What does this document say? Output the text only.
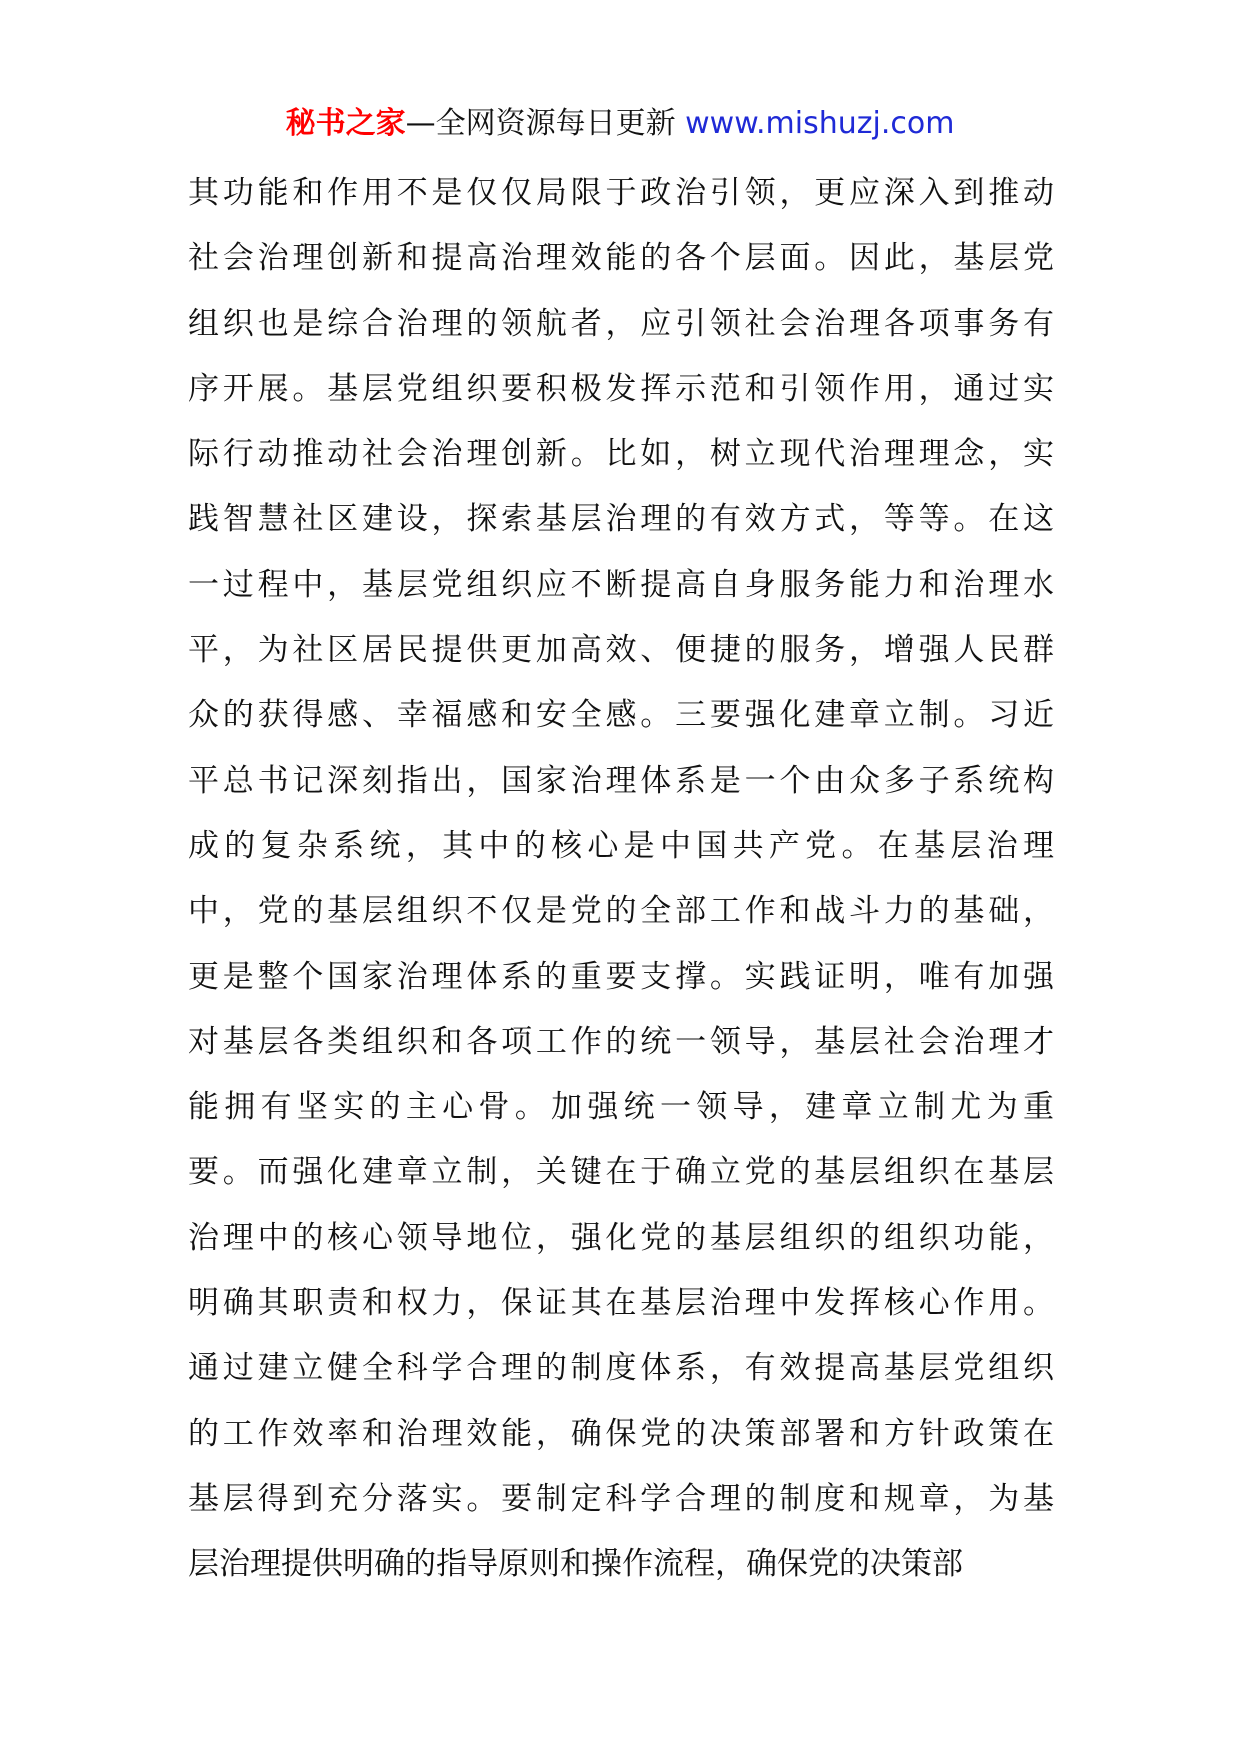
秘书之家—全网资源每日更新 www.mishuzj.com
其功能和作用不是仅仅局限于政治引领，更应深入到推动
社会治理创新和提高治理效能的各个层面。因此，基层党
组织也是综合治理的领航者，应引领社会治理各项事务有
序开展。基层党组织要积极发挥示范和引领作用，通过实
际行动推动社会治理创新。比如，树立现代治理理念，实
践智慧社区建设，探索基层治理的有效方式，等等。在这
一过程中，基层党组织应不断提高自身服务能力和治理水
平，为社区居民提供更加高效、便捷的服务，增强人民群
众的获得感、幸福感和安全感。三要强化建章立制。习近
平总书记深刻指出，国家治理体系是一个由众多子系统构
成的复杂系统，其中的核心是中国共产党。在基层治理
中，党的基层组织不仅是党的全部工作和战斗力的基础，
更是整个国家治理体系的重要支撑。实践证明，唯有加强
对基层各类组织和各项工作的统一领导，基层社会治理才
能拥有坚实的主心骨。加强统一领导，建章立制尤为重
要。而强化建章立制，关键在于确立党的基层组织在基层
治理中的核心领导地位，强化党的基层组织的组织功能，
明确其职责和权力，保证其在基层治理中发挥核心作用。
通过建立健全科学合理的制度体系，有效提高基层党组织
的工作效率和治理效能，确保党的决策部署和方针政策在
基层得到充分落实。要制定科学合理的制度和规章，为基
层治理提供明确的指导原则和操作流程，确保党的决策部
